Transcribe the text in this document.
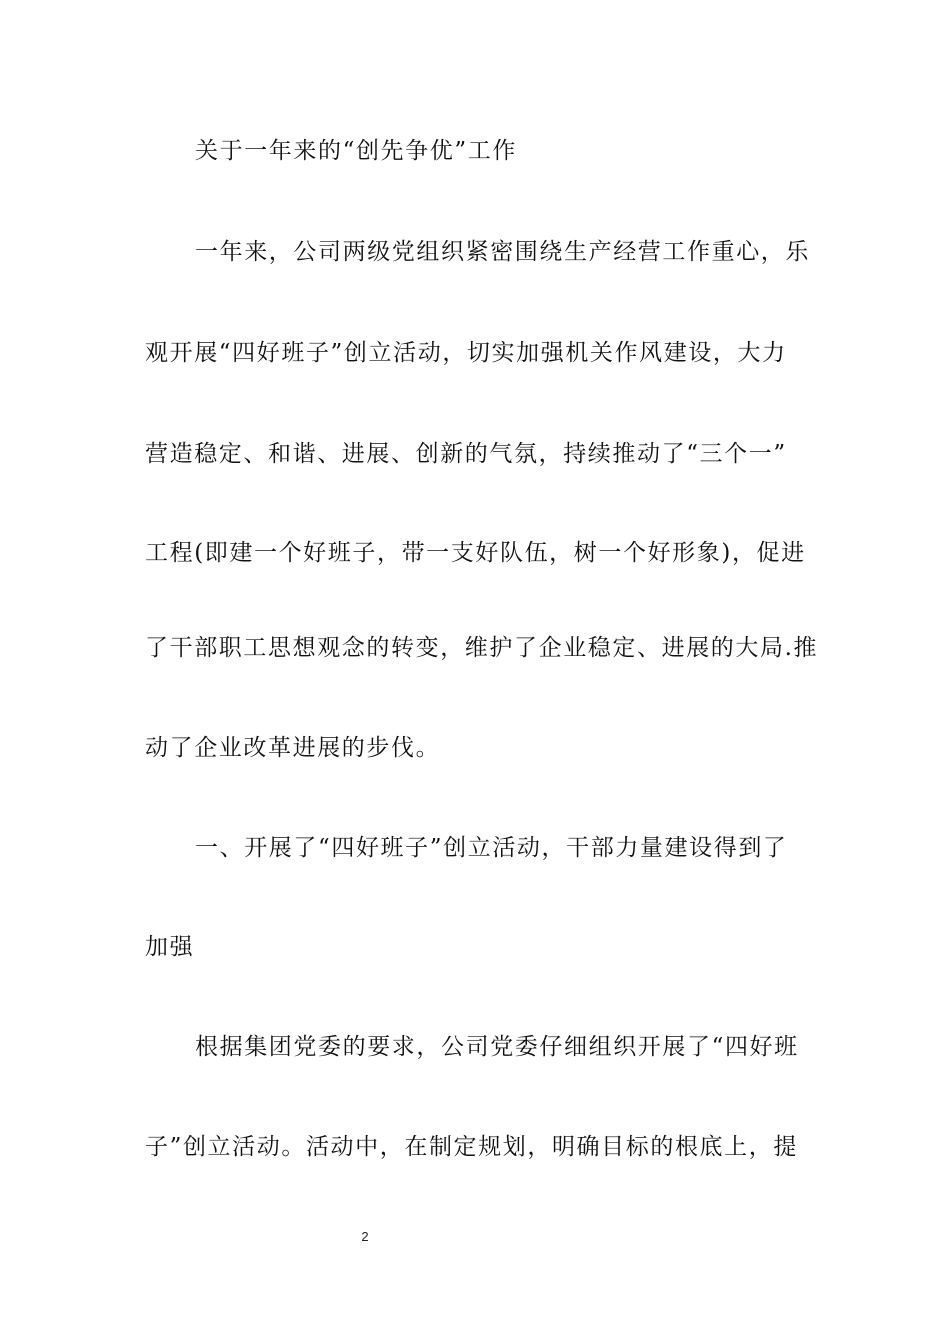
关于一年来的“创先争优”工作
一年来，公司两级党组织紧密围绕生产经营工作重心，乐
观开展“四好班子”创立活动，切实加强机关作风建设，大力
营造稳定、和谐、进展、创新的气氛，持续推动了“三个一”
工程(即建一个好班子，带一支好队伍，树一个好形象)，促进
了干部职工思想观念的转变，维护了企业稳定、进展的大局.推
动了企业改革进展的步伐。
一、开展了“四好班子”创立活动，干部力量建设得到了
加强
根据集团党委的要求，公司党委仔细组织开展了“四好班
子”创立活动。活动中，在制定规划，明确目标的根底上，提
2
